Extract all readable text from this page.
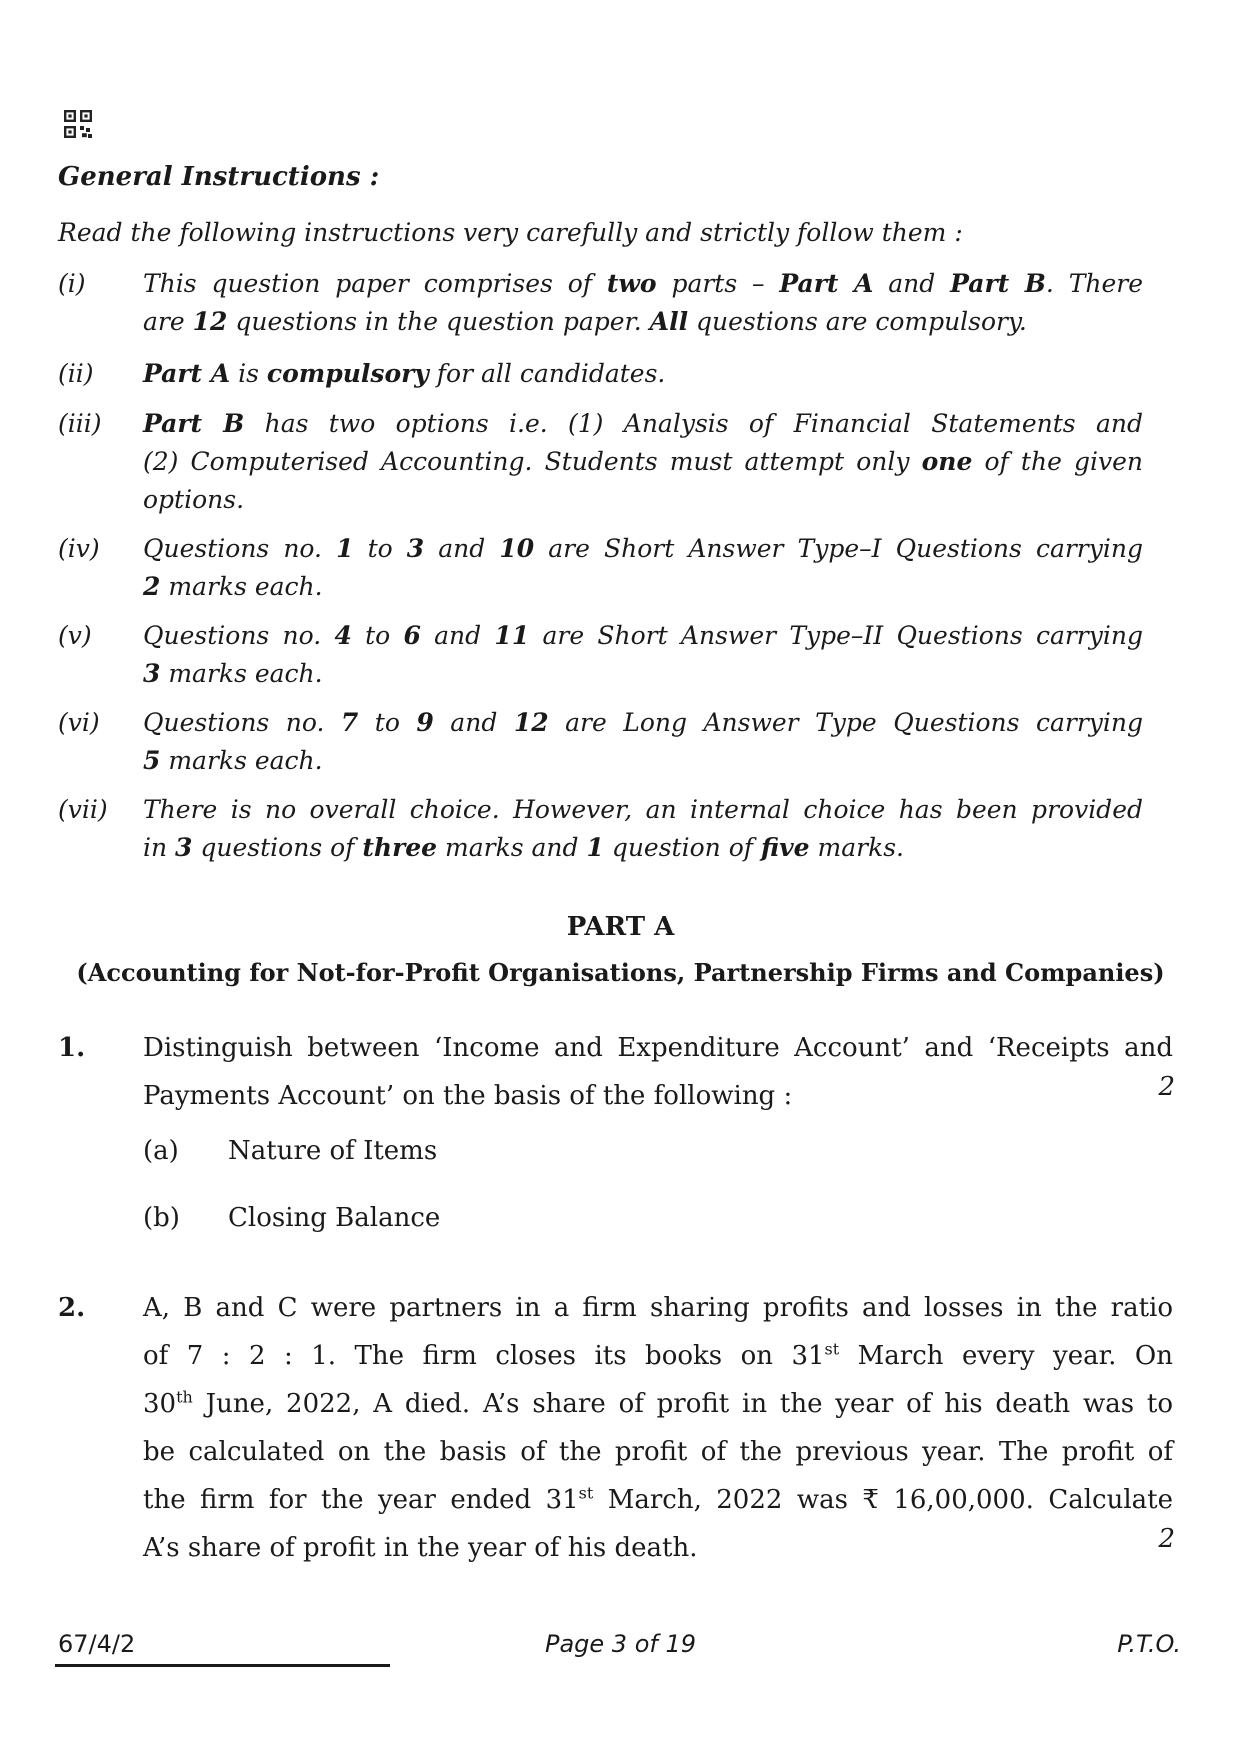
General Instructions :
Read the following instructions very carefully and strictly follow them :
(i)	This question paper comprises of two parts – Part A and Part B. There
are 12 questions in the question paper. All questions are compulsory.
(ii)	Part A is compulsory for all candidates.
(iii)	Part B has two options i.e. (1) Analysis of Financial Statements and
(2) Computerised Accounting. Students must attempt only one of the given
options.
(iv)	Questions no. 1 to 3 and 10 are Short Answer Type–I Questions carrying
2 marks each.
(v)	Questions no. 4 to 6 and 11 are Short Answer Type–II Questions carrying
3 marks each.
(vi)	Questions no. 7 to 9 and 12 are Long Answer Type Questions carrying
5 marks each.
(vii)	There is no overall choice. However, an internal choice has been provided
in 3 questions of three marks and 1 question of five marks.
PART A
(Accounting for Not-for-Profit Organisations, Partnership Firms and Companies)
1. Distinguish between ‘Income and Expenditure Account’ and ‘Receipts and
Payments Account’ on the basis of the following :	2
(a) Nature of Items
(b) Closing Balance
2. A, B and C were partners in a firm sharing profits and losses in the ratio
of 7 : 2 : 1. The firm closes its books on 31st March every year. On
30th June, 2022, A died. A’s share of profit in the year of his death was to
be calculated on the basis of the profit of the previous year. The profit of
the firm for the year ended 31st March, 2022 was ₹ 16,00,000. Calculate
A’s share of profit in the year of his death.	2
67/4/2	Page 3 of 19	P.T.O.
